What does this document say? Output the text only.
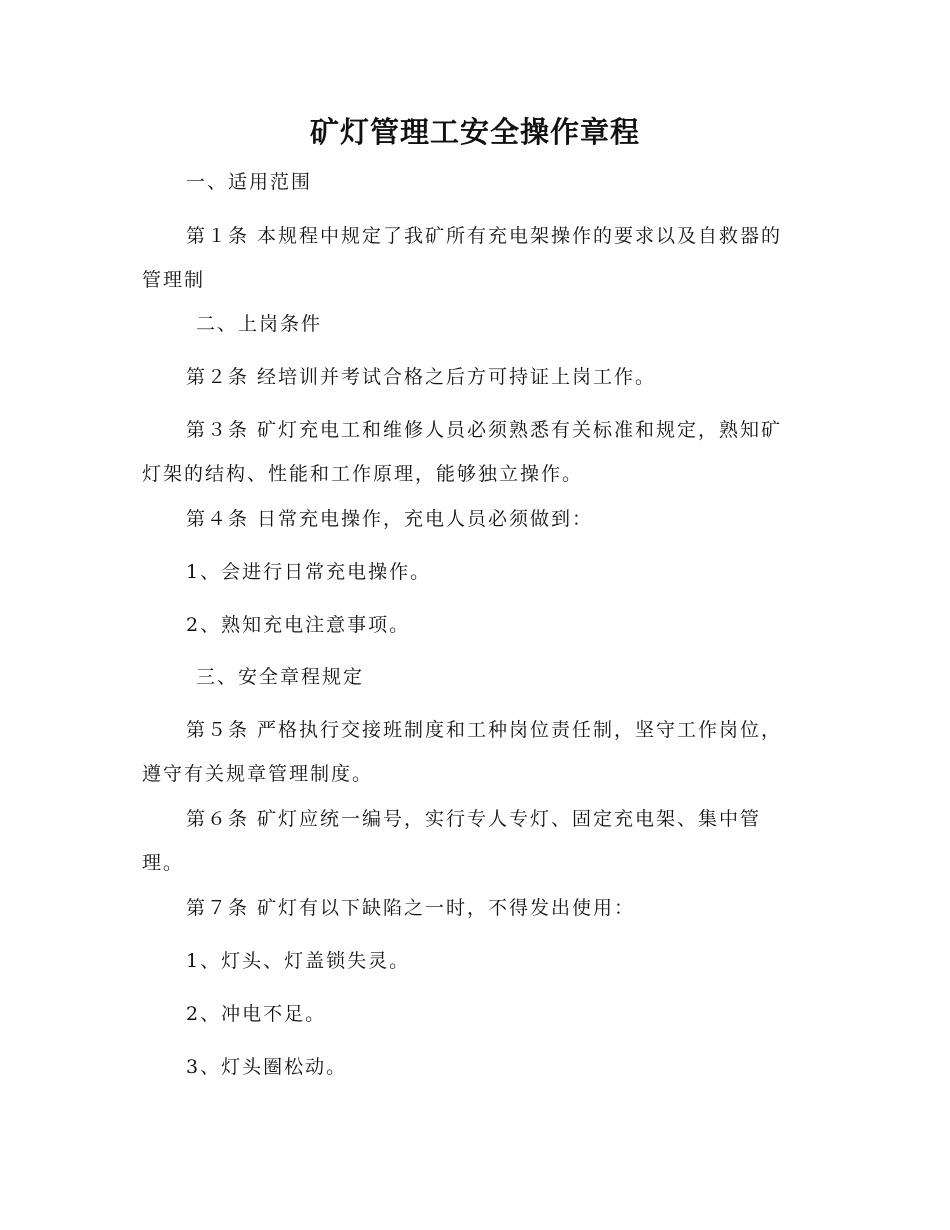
矿灯管理工安全操作章程
一、适用范围
第１条 本规程中规定了我矿所有充电架操作的要求以及自救器的管理制
二、上岗条件
第２条 经培训并考试合格之后方可持证上岗工作。
第３条 矿灯充电工和维修人员必须熟悉有关标准和规定，熟知矿灯架的结构、性能和工作原理，能够独立操作。
第４条 日常充电操作，充电人员必须做到：
1、会进行日常充电操作。
2、熟知充电注意事项。
三、安全章程规定
第５条 严格执行交接班制度和工种岗位责任制，坚守工作岗位，遵守有关规章管理制度。
第６条 矿灯应统一编号，实行专人专灯、固定充电架、集中管理。
第７条 矿灯有以下缺陷之一时，不得发出使用：
1、灯头、灯盖锁失灵。
2、冲电不足。
3、灯头圈松动。
